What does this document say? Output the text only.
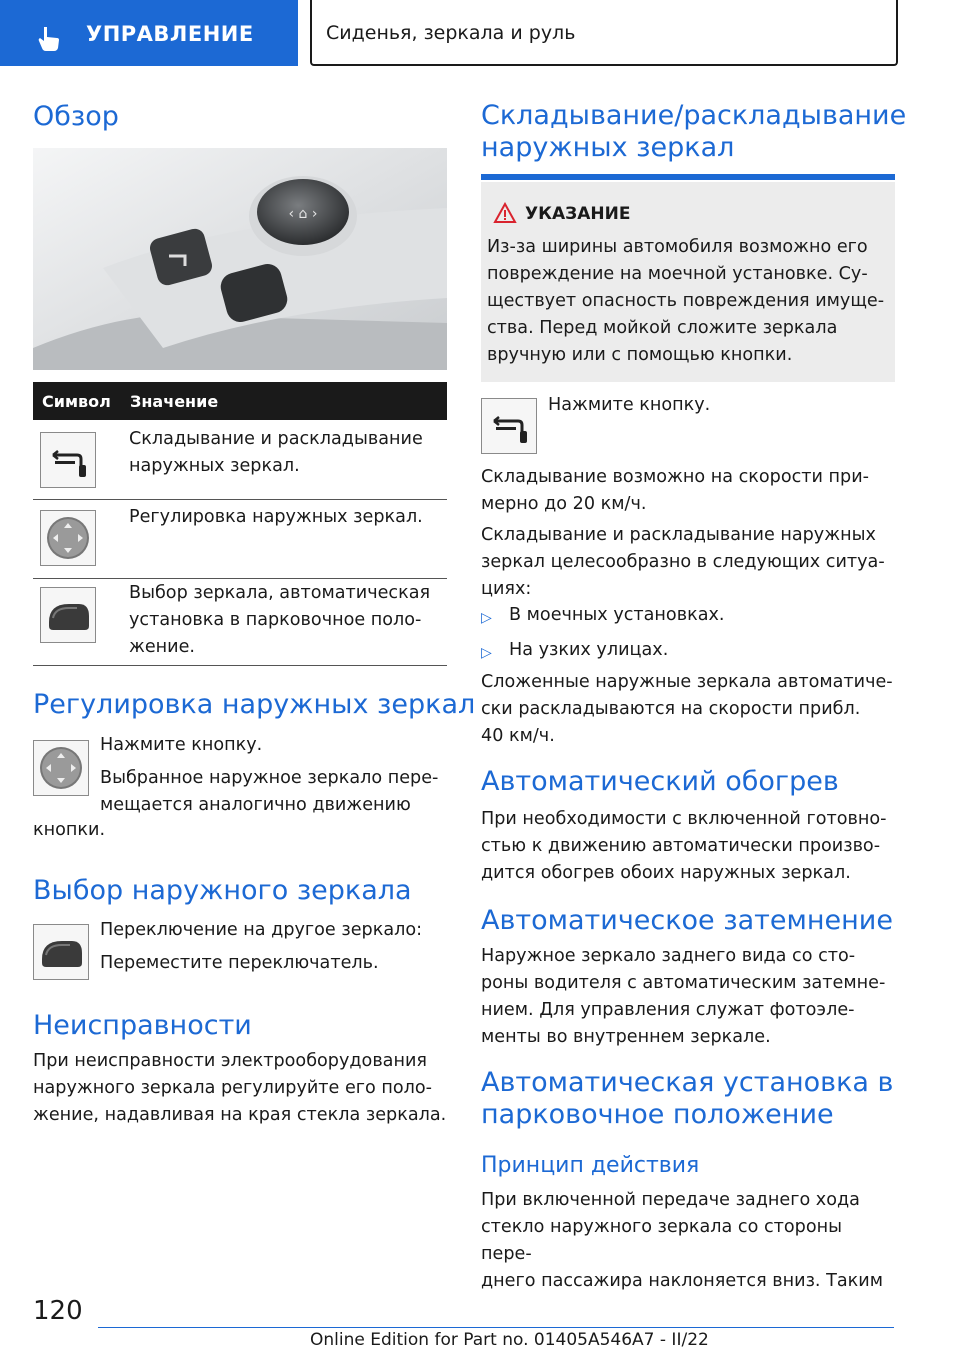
УПРАВЛЕНИЕ	Сиденья, зеркала и руль
Обзор
‹ ⌂ ›
Символ Значение

Складывание и раскладывание
наружных зеркал.

Регулировка наружных зеркал.

Выбор зеркала, автоматическая
установка в парковочное поло-
жение.

Регулировка наружных зеркал

Нажмите кнопку.

Выбранное наружное зеркало пере-
мещается аналогично движению

кнопки.

Выбор наружного зеркала

Переключение на другое зеркало:

Переместите переключатель.

Неисправности

При неисправности электрооборудования
наружного зеркала регулируйте его поло-
жение, надавливая на края стекла зеркала.

Складывание/раскладывание
наружных зеркал
УКАЗАНИЕ

Из-за ширины автомобиля возможно его
повреждение на моечной установке. Су-
ществует опасность повреждения имуще-
ства. Перед мойкой сложите зеркала
вручную или с помощью кнопки.

Нажмите кнопку.

Складывание возможно на скорости при-
мерно до 20 км/ч.

Складывание и раскладывание наружных
зеркал целесообразно в следующих ситуа-
циях:

▷ В моечных установках.

▷ На узких улицах.

Сложенные наружные зеркала автоматиче-
ски раскладываются на скорости прибл.
40 км/ч.

Автоматический обогрев

При необходимости с включенной готовно-
стью к движению автоматически произво-
дится обогрев обоих наружных зеркал.

Автоматическое затемнение

Наружное зеркало заднего вида со сто-
роны водителя с автоматическим затемне-
нием. Для управления служат фотоэле-
менты во внутреннем зеркале.

Автоматическая установка в
парковочное положение
Принцип действия

При включенной передаче заднего хода
стекло наружного зеркала со стороны пере-
днего пассажира наклоняется вниз. Таким

120
Online Edition for Part no. 01405A546A7 - II/22
